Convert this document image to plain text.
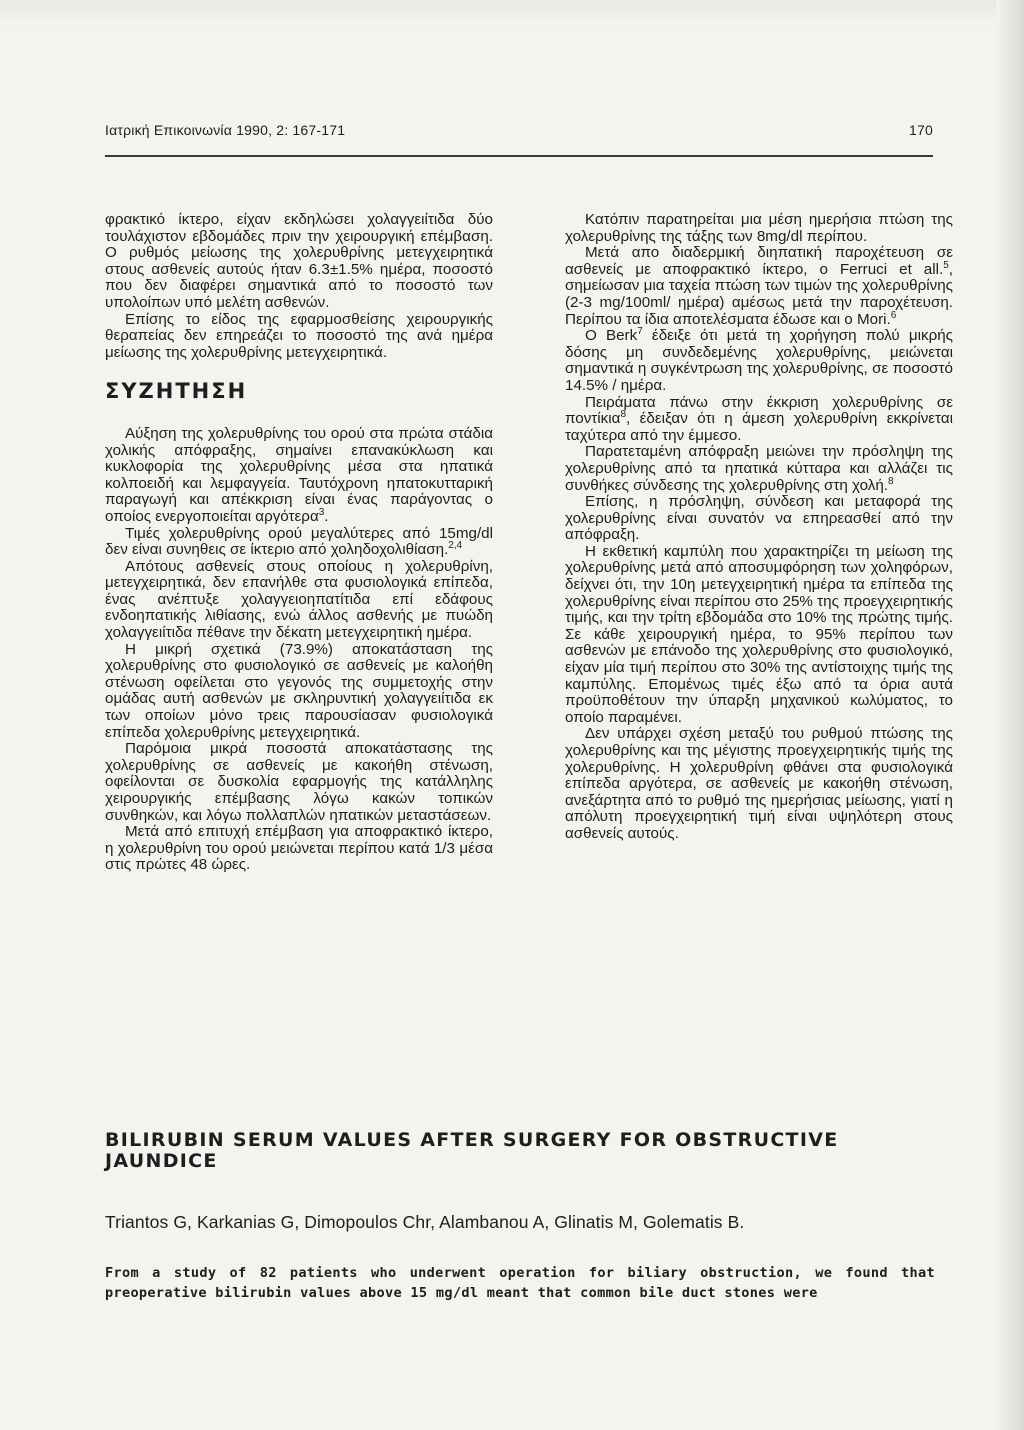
Ιατρική Επικοινωνία 1990, 2: 167-171	170

φρακτικό ίκτερο, είχαν εκδηλώσει χολαγγειίτιδα δύο τουλάχιστον εβδομάδες πριν την χειρουργική επέμβαση. Ο ρυθμός μείωσης της χολερυθρίνης μετεγχειρητικά στους ασθενείς αυτούς ήταν 6.3±1.5% ημέρα, ποσοστό που δεν διαφέρει σημαντικά από το ποσοστό των υπολοίπων υπό μελέτη ασθενών.

Επίσης το είδος της εφαρμοσθείσης χειρουργικής θεραπείας δεν επηρεάζει το ποσοστό της ανά ημέρα μείωσης της χολερυθρίνης μετεγχειρητικά.

ΣΥΖΗΤΗΣΗ

Αύξηση της χολερυθρίνης του ορού στα πρώτα στάδια χολικής απόφραξης, σημαίνει επανακύκλωση και κυκλοφορία της χολερυθρίνης μέσα στα ηπατικά κολποειδή και λεμφαγγεία. Ταυτόχρονη ηπατοκυτταρική παραγωγή και απέκκριση είναι ένας παράγοντας ο οποίος ενεργοποιείται αργότερα$^3$.

Τιμές χολερυθρίνης ορού μεγαλύτερες από 15mg/dl δεν είναι συνηθεις σε ίκτεριο από χοληδοχολιθίαση.$^{2,4}$

Απότους ασθενείς στους οποίους η χολερυθρίνη, μετεγχειρητικά, δεν επανήλθε στα φυσιολογικά επίπεδα, ένας ανέπτυξε χολαγγειοηπατίτιδα επί εδάφους ενδοηπατικής λιθίασης, ενώ άλλος ασθενής με πυώδη χολαγγειίτιδα πέθανε την δέκατη μετεγχειρητική ημέρα.

Η μικρή σχετικά (73.9%) αποκατάσταση της χολερυθρίνης στο φυσιολογικό σε ασθενείς με καλοήθη στένωση οφείλεται στο γεγονός της συμμετοχής στην ομάδας αυτή ασθενών με σκληρυντική χολαγγειίτιδα εκ των οποίων μόνο τρεις παρουσίασαν φυσιολογικά επίπεδα χολερυθρίνης μετεγχειρητικά.

Παρόμοια μικρά ποσοστά αποκατάστασης της χολερυθρίνης σε ασθενείς με κακοήθη στένωση, οφείλονται σε δυσκολία εφαρμογής της κατάλληλης χειρουργικής επέμβασης λόγω κακών τοπικών συνθηκών, και λόγω πολλαπλών ηπατικών μεταστάσεων.

Μετά από επιτυχή επέμβαση για αποφρακτικό ίκτερο, η χολερυθρίνη του ορού μειώνεται περίπου κατά 1/3 μέσα στις πρώτες 48 ώρες.

Κατόπιν παρατηρείται μια μέση ημερήσια πτώση της χολερυθρίνης της τάξης των 8mg/dl περίπου.

Μετά απο διαδερμική διηπατική παροχέτευση σε ασθενείς με αποφρακτικό ίκτερο, ο Ferruci et all.$^5$, σημείωσαν μια ταχεία πτώση των τιμών της χολερυθρίνης (2-3 mg/100ml/ ημέρα) αμέσως μετά την παροχέτευση. Περίπου τα ίδια αποτελέσματα έδωσε και ο Mori.$^6$

Ο Berk$^7$ έδειξε ότι μετά τη χορήγηση πολύ μικρής δόσης μη συνδεδεμένης χολερυθρίνης, μειώνεται σημαντικά η συγκέντρωση της χολερυθρίνης, σε ποσοστό 14.5% / ημέρα.

Πειράματα πάνω στην έκκριση χολερυθρίνης σε ποντίκια$^8$, έδειξαν ότι η άμεση χολερυθρίνη εκκρίνεται ταχύτερα από την έμμεσο.

Παρατεταμένη απόφραξη μειώνει την πρόσληψη της χολερυθρίνης από τα ηπατικά κύτταρα και αλλάζει τις συνθήκες σύνδεσης της χολερυθρίνης στη χολή.$^8$

Επίσης, η πρόσληψη, σύνδεση και μεταφορά της χολερυθρίνης είναι συνατόν να επηρεασθεί από την απόφραξη.

Η εκθετική καμπύλη που χαρακτηρίζει τη μείωση της χολερυθρίνης μετά από αποσυμφόρηση των χοληφόρων, δείχνει ότι, την 10η μετεγχειρητική ημέρα τα επίπεδα της χολερυθρίνης είναι περίπου στο 25% της προεγχειρητικής τιμής, και την τρίτη εβδομάδα στο 10% της πρώτης τιμής. Σε κάθε χειρουργική ημέρα, το 95% περίπου των ασθενών με επάνοδο της χολερυθρίνης στο φυσιολογικό, είχαν μία τιμή περίπου στο 30% της αντίστοιχης τιμής της καμπύλης. Επομένως τιμές έξω από τα όρια αυτά προϋποθέτουν την ύπαρξη μηχανικού κωλύματος, το οποίο παραμένει.

Δεν υπάρχει σχέση μεταξύ του ρυθμού πτώσης της χολερυθρίνης και της μέγιστης προεγχειρητικής τιμής της χολερυθρίνης. Η χολερυθρίνη φθάνει στα φυσιολογικά επίπεδα αργότερα, σε ασθενείς με κακοήθη στένωση, ανεξάρτητα από το ρυθμό της ημερήσιας μείωσης, γιατί η απόλυτη προεγχειρητική τιμή είναι υψηλότερη στους ασθενείς αυτούς.

BILIRUBIN SERUM VALUES AFTER SURGERY FOR OBSTRUCTIVE JAUNDICE
Triantos G, Karkanias G, Dimopoulos Chr, Alambanou A, Glinatis M, Golematis B.
From a study of 82 patients who underwent operation for biliary obstruction, we found that preoperative bilirubin values above 15 mg/dl meant that common bile duct stones were
